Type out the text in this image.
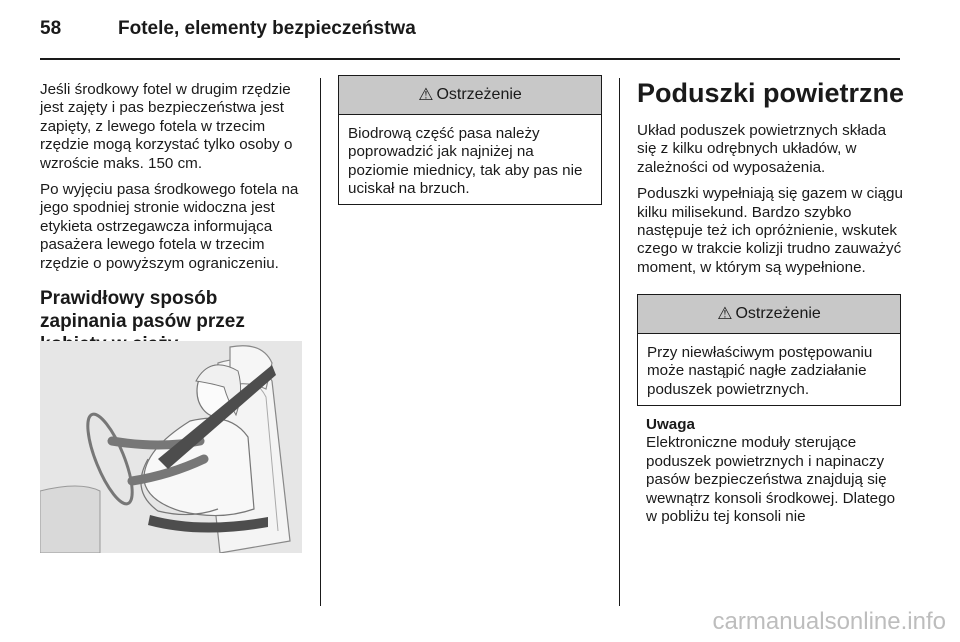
58	Fotele, elementy bezpieczeństwa

Jeśli środkowy fotel w drugim rzędzie jest zajęty i pas bezpieczeństwa jest zapięty, z lewego fotela w trzecim rzędzie mogą korzystać tylko osoby o wzroście maks. 150 cm.

Po wyjęciu pasa środkowego fotela na jego spodniej stronie widoczna jest etykieta ostrzegawcza informująca pasażera lewego fotela w trzecim rzędzie o powyższym ograniczeniu.

Prawidłowy sposób zapinania pasów przez
⚠ Ostrzeżenie
Biodrową część pasa należy poprowadzić jak najniżej na poziomie miednicy, tak aby pas nie uciskał na brzuch.
Poduszki powietrzne

Układ poduszek powietrznych składa się z kilku odrębnych układów, w zależności od wyposażenia.

Poduszki wypełniają się gazem w ciągu kilku milisekund. Bardzo szybko następuje też ich opróżnienie, wskutek czego w trakcie kolizji trudno zauważyć moment, w którym są wypełnione.

⚠ Ostrzeżenie
Przy niewłaściwym postępowaniu może nastąpić nagłe zadziałanie poduszek powietrznych.
Uwaga
Elektroniczne moduły sterujące poduszek powietrznych i napinaczy pasów bezpieczeństwa znajdują się wewnątrz konsoli środkowej. Dlatego w pobliżu tej konsoli nie
carmanualsonline.info
